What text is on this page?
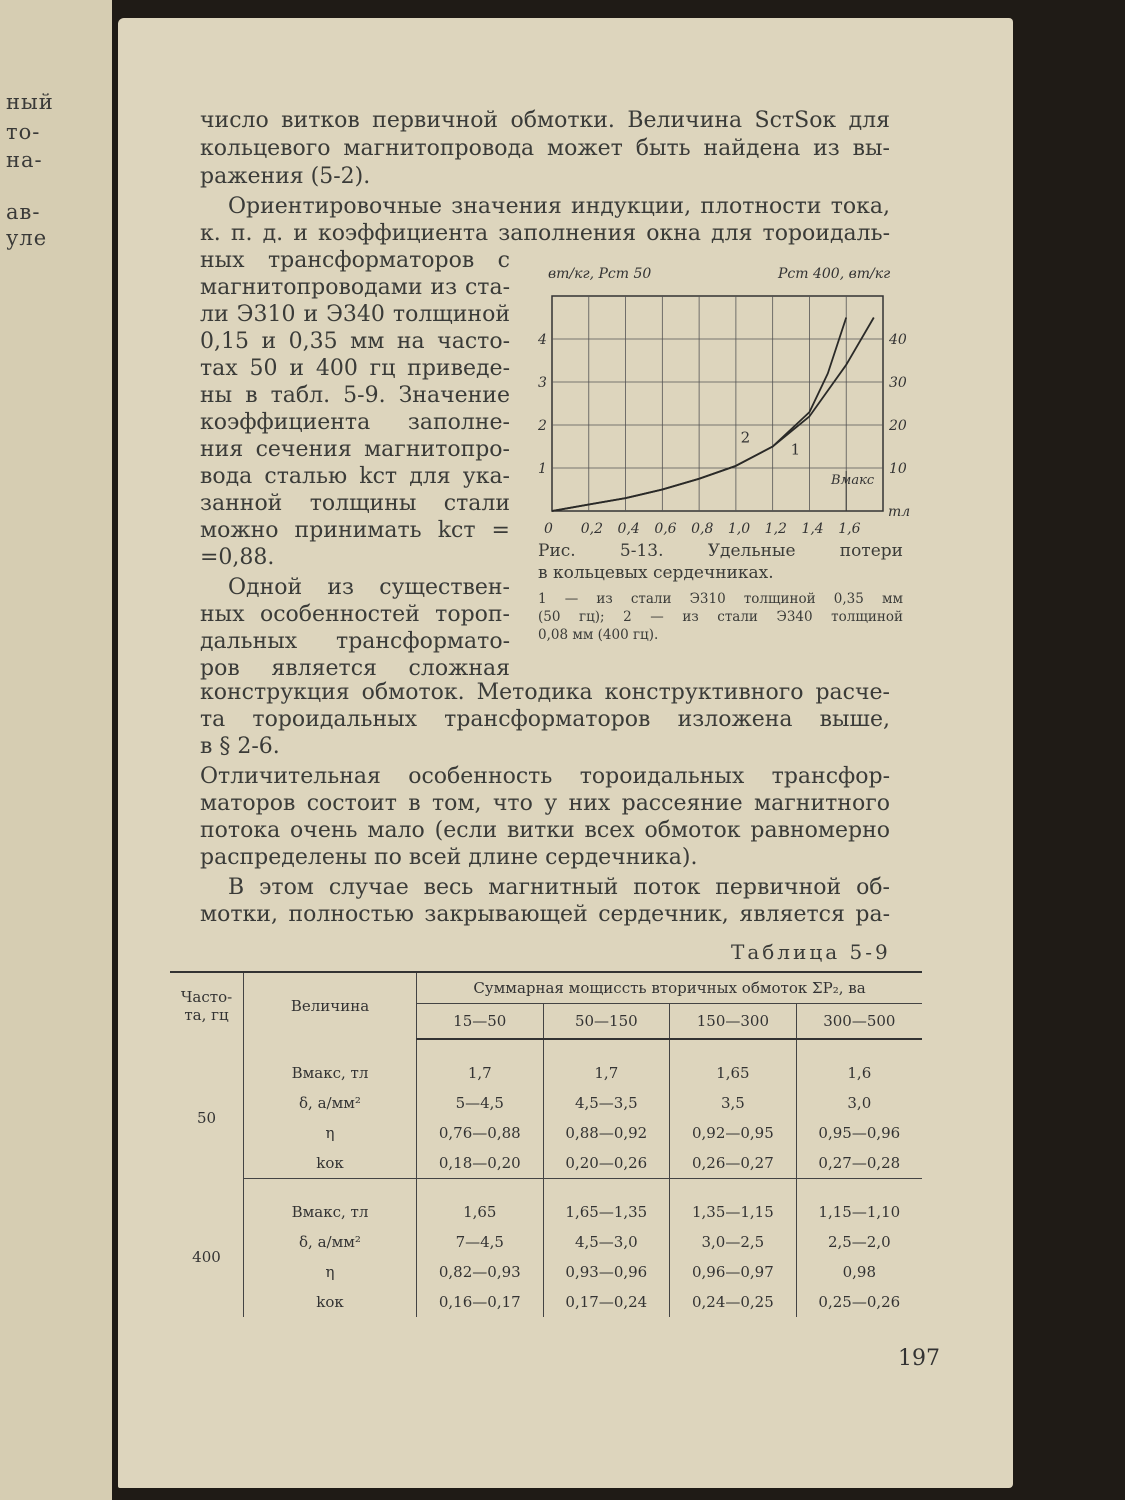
ный
то-
на-
ав-
уле
число витков первичной обмотки. Величина SстSок для
кольцевого магнитопровода может быть найдена из вы-
ражения (5-2).
Ориентировочные значения индукции, плотности тока,
к. п. д. и коэффициента заполнения окна для тороидаль-
ных трансформаторов с
магнитопроводами из ста-
ли Э310 и Э340 толщиной
0,15 и 0,35 мм на часто-
тах 50 и 400 гц приведе-
ны в табл. 5-9. Значение
коэффициента заполне-
ния сечения магнитопро-
вода сталью kст для ука-
занной толщины стали
можно принимать kст =
=0,88.
Одной из существен-
ных особенностей тороп-
дальных трансформато-
ров является сложная
вт/кг, Pст 50	Pст 400, вт/кг
тл
Bмакс
0 0,2 0,4 0,6 0,8 1,0 1,2 1,4 1,6
1
2
3
4
10
20
30
40
1
2
Рис. 5-13. Удельные потери
в кольцевых сердечниках.
1 — из стали Э310 толщиной 0,35 мм
(50 гц); 2 — из стали Э340 толщиной
0,08 мм (400 гц).
конструкция обмоток. Методика конструктивного расче-
та тороидальных трансформаторов изложена выше,
в § 2-6.
Отличительная особенность тороидальных трансфор-
маторов состоит в том, что у них рассеяние магнитного
потока очень мало (если витки всех обмоток равномерно
распределены по всей длине сердечника).
В этом случае весь магнитный поток первичной об-
мотки, полностью закрывающей сердечник, является ра-
Таблица 5-9
Часто-та, гц	Величина	Суммарная мощиссть вторичных обмоток ΣP₂, ва			
		15—50	50—150	150—300	300—500

50	Bмакс, тл	1,7	1,7	1,65	1,6
	δ, а/мм²	5—4,5	4,5—3,5	3,5	3,0
	η	0,76—0,88	0,88—0,92	0,92—0,95	0,95—0,96
	kок	0,18—0,20	0,20—0,26	0,26—0,27	0,27—0,28

400	Bмакс, тл	1,65	1,65—1,35	1,35—1,15	1,15—1,10
	δ, а/мм²	7—4,5	4,5—3,0	3,0—2,5	2,5—2,0
	η	0,82—0,93	0,93—0,96	0,96—0,97	0,98
	kок	0,16—0,17	0,17—0,24	0,24—0,25	0,25—0,26
197
